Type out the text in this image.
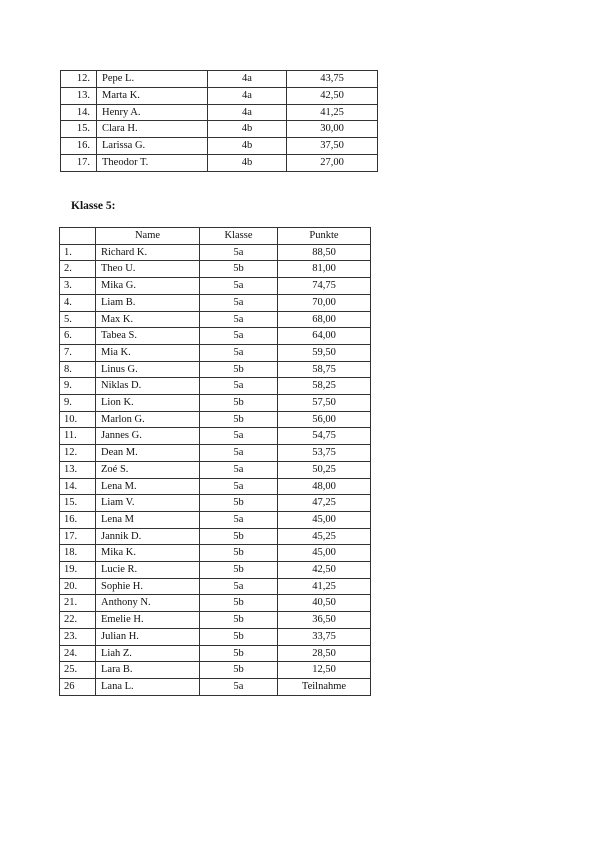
12.	Pepe L.	4a	43,75
13.	Marta K.	4a	42,50
14.	Henry A.	4a	41,25
15.	Clara H.	4b	30,00
16.	Larissa G.	4b	37,50
17.	Theodor T.	4b	27,00
Klasse 5:
	Name	Klasse	Punkte
1.	Richard K.	5a	88,50
2.	Theo U.	5b	81,00
3.	Mika G.	5a	74,75
4.	Liam B.	5a	70,00
5.	Max K.	5a	68,00
6.	Tabea S.	5a	64,00
7.	Mia K.	5a	59,50
8.	Linus G.	5b	58,75
9.	Niklas D.	5a	58,25
9.	Lion K.	5b	57,50
10.	Marlon G.	5b	56,00
11.	Jannes G.	5a	54,75
12.	Dean M.	5a	53,75
13.	Zoé S.	5a	50,25
14.	Lena M.	5a	48,00
15.	Liam V.	5b	47,25
16.	Lena M	5a	45,00
17.	Jannik D.	5b	45,25
18.	Mika K.	5b	45,00
19.	Lucie R.	5b	42,50
20.	Sophie H.	5a	41,25
21.	Anthony N.	5b	40,50
22.	Emelie H.	5b	36,50
23.	Julian H.	5b	33,75
24.	Liah Z.	5b	28,50
25.	Lara B.	5b	12,50
26	Lana L.	5a	Teilnahme
